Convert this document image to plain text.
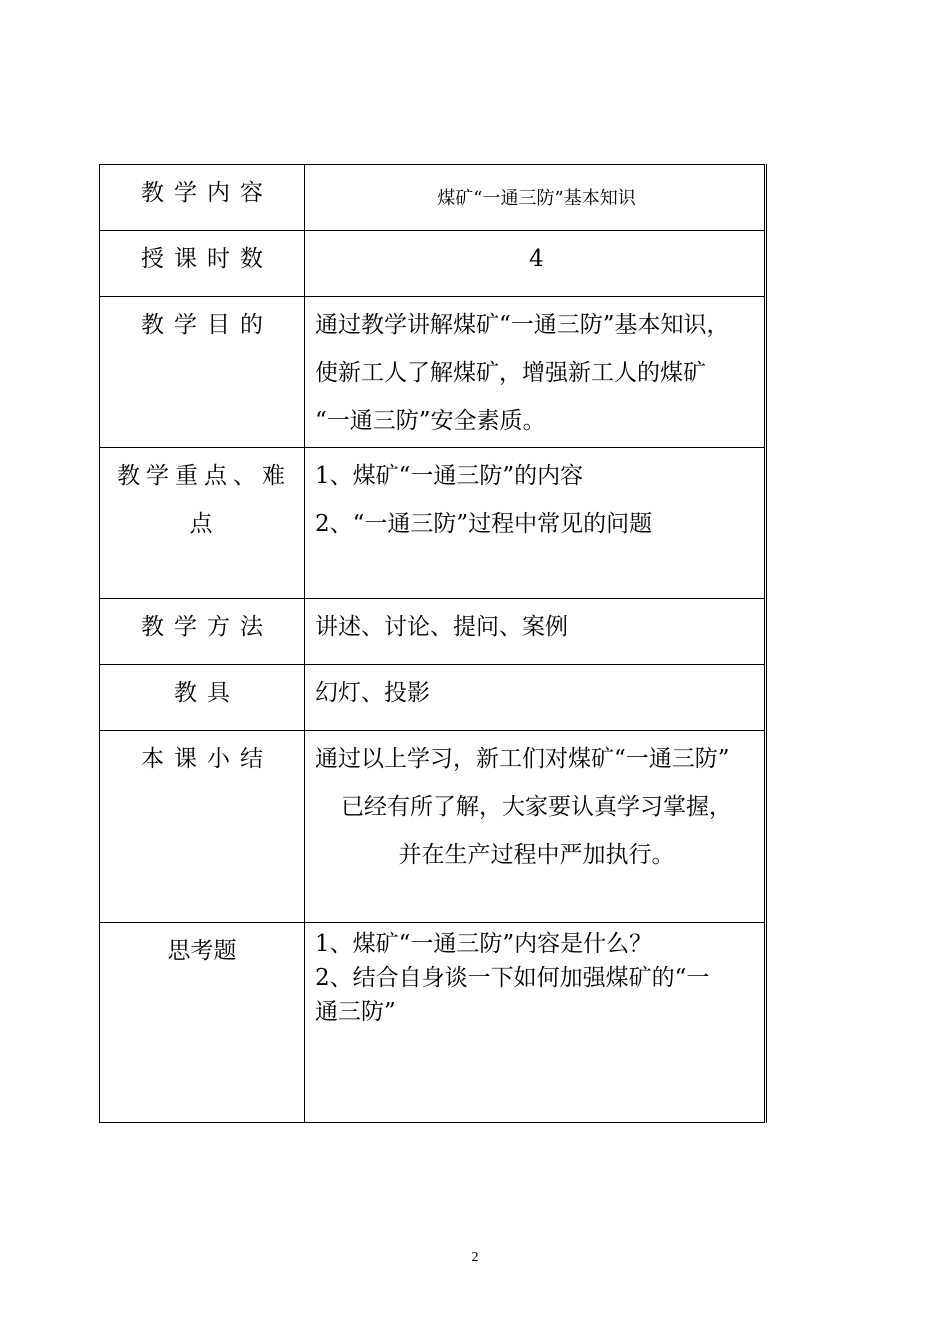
教学内容	煤矿“一通三防”基本知识

授课时数	4

教学目的	通过教学讲解煤矿“一通三防”基本知识，
使新工人了解煤矿，增强新工人的煤矿
“一通三防”安全素质。

教学重点、难点	1、煤矿“一通三防”的内容
2、“一通三防”过程中常见的问题

教学方法	讲述、讨论、提问、案例

教具	幻灯、投影

本课小结	通过以上学习，新工们对煤矿“一通三防”
已经有所了解，大家要认真学习掌握，
并在生产过程中严加执行。

思考题	1、煤矿“一通三防”内容是什么？
2、结合自身谈一下如何加强煤矿的“一
通三防”
2
